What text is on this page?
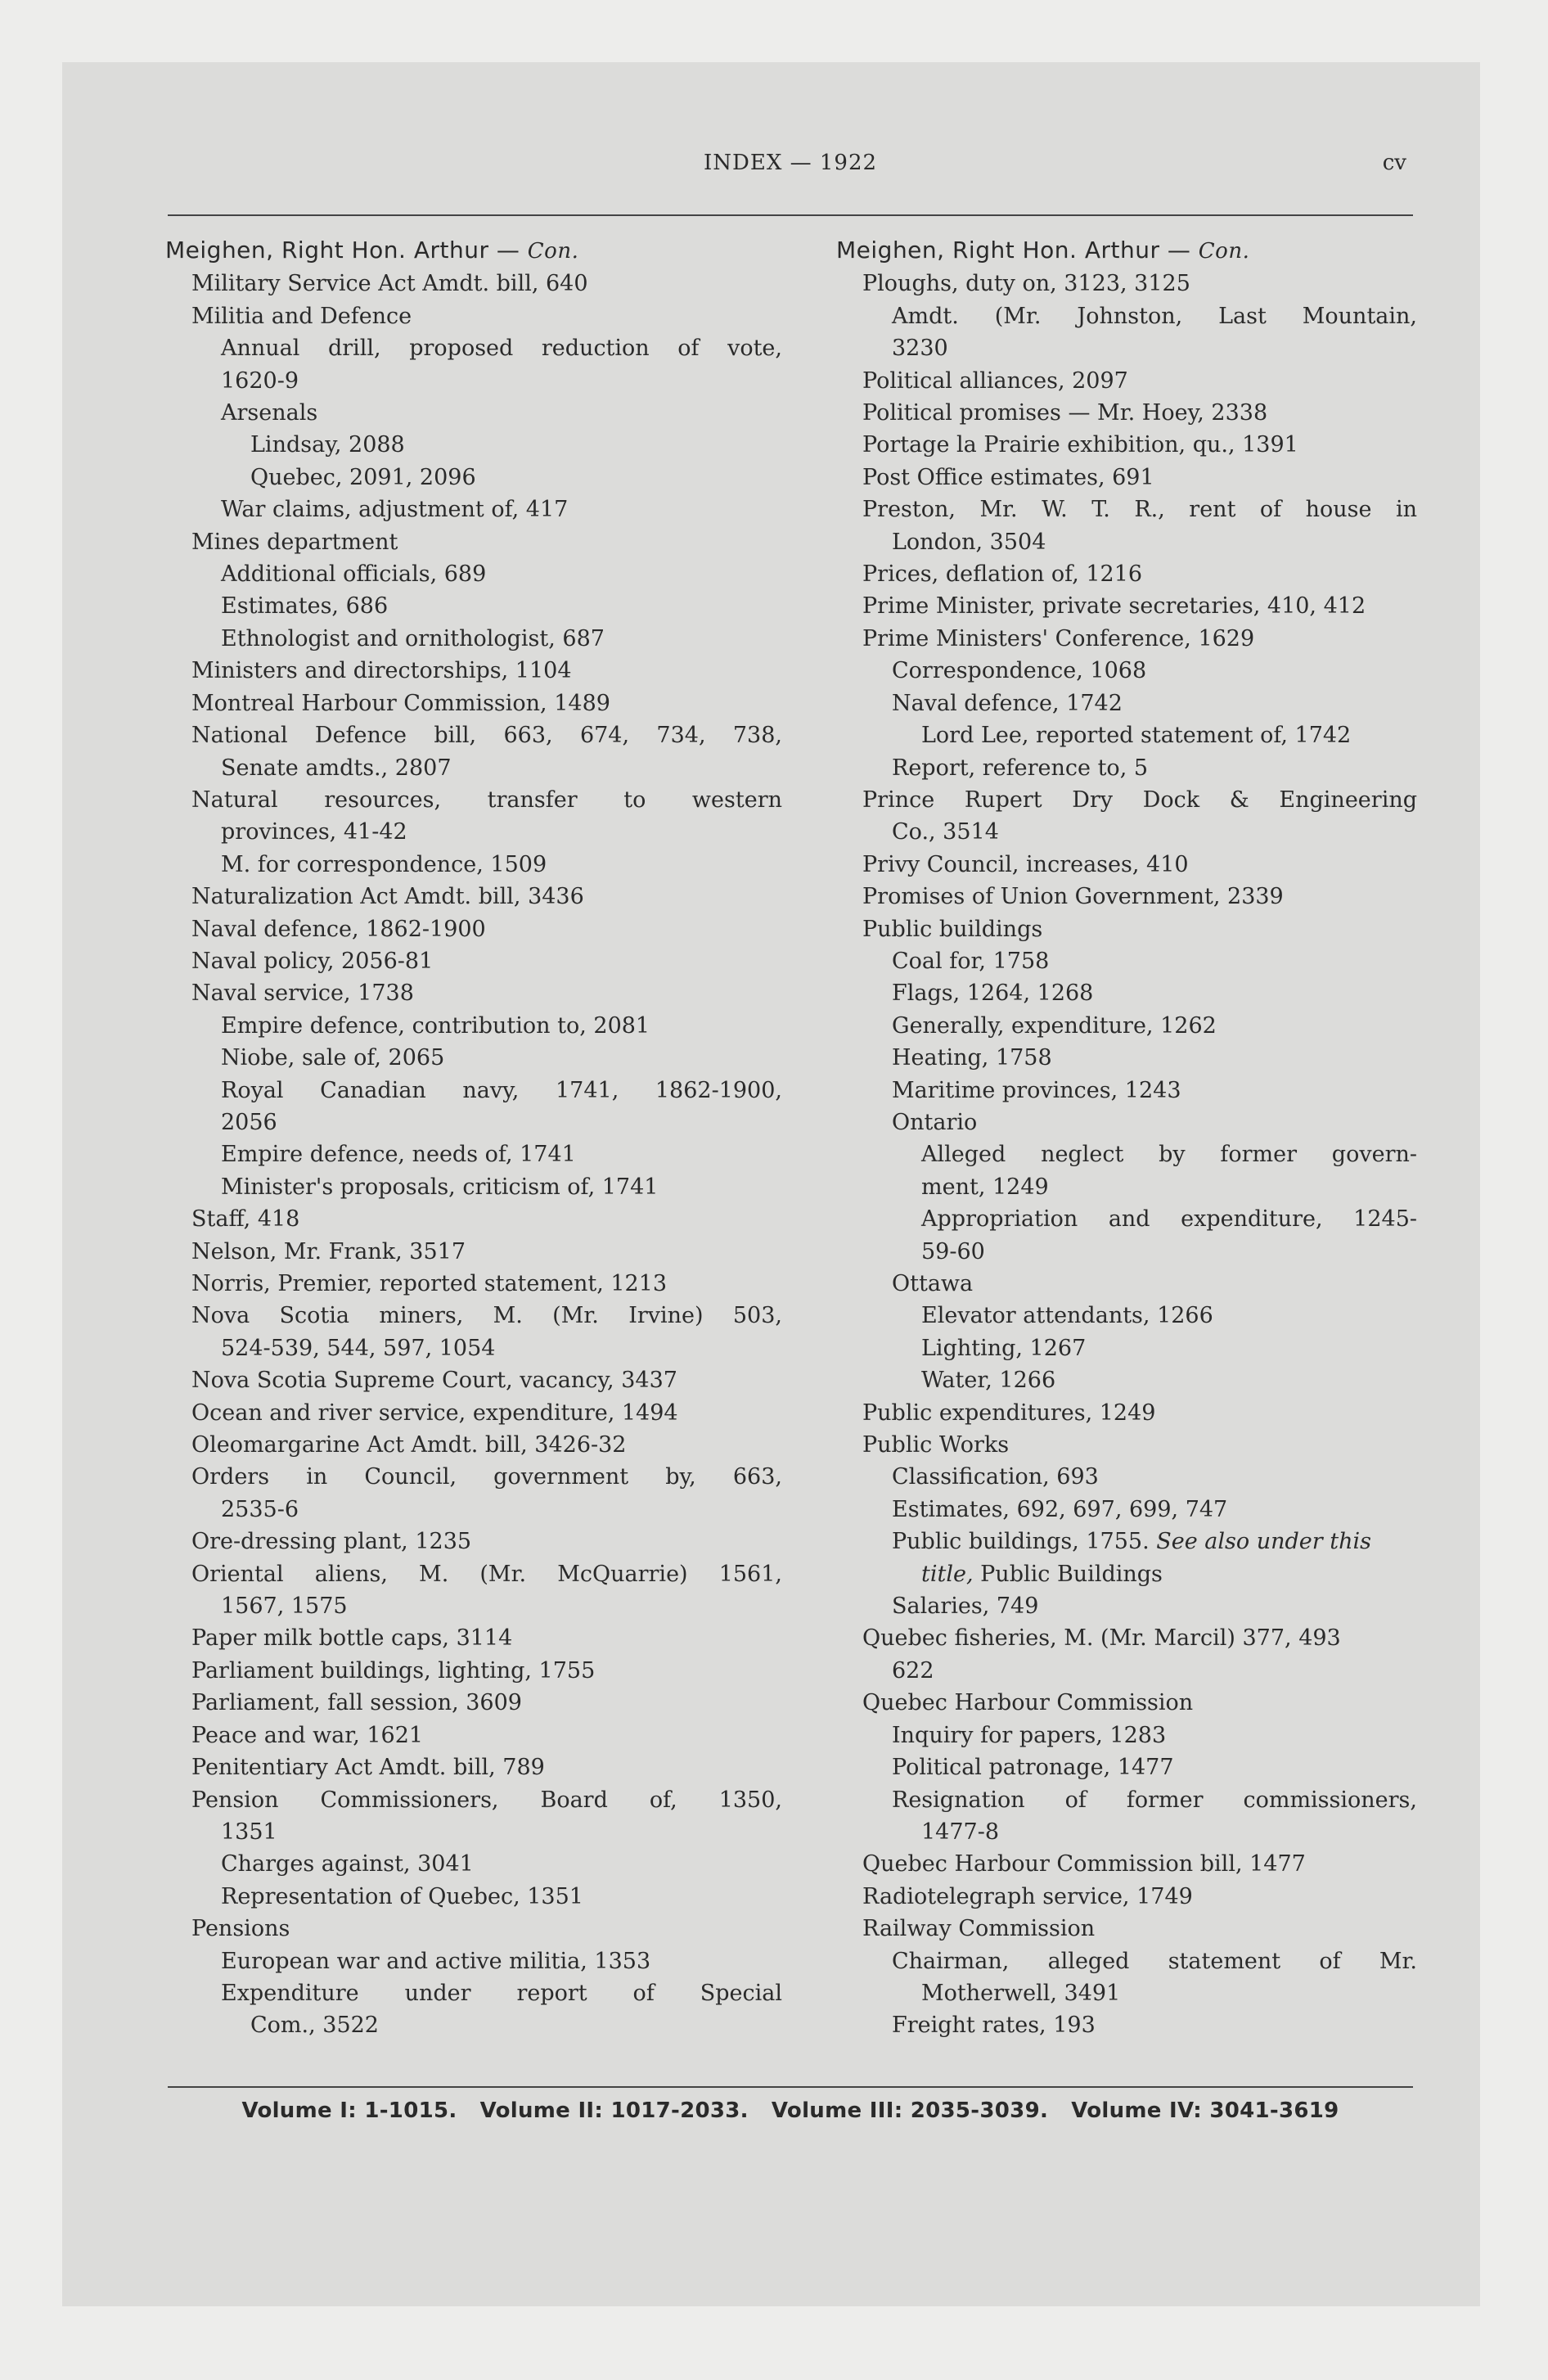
INDEX — 1922	cv
Meighen, Right Hon. Arthur — Con.
Military Service Act Amdt. bill, 640
Militia and Defence
Annual drill, proposed reduction of vote,
1620-9
Arsenals
Lindsay, 2088
Quebec, 2091, 2096
War claims, adjustment of, 417
Mines department
Additional officials, 689
Estimates, 686
Ethnologist and ornithologist, 687
Ministers and directorships, 1104
Montreal Harbour Commission, 1489
National Defence bill, 663, 674, 734, 738,
Senate amdts., 2807
Natural resources, transfer to western
provinces, 41-42
M. for correspondence, 1509
Naturalization Act Amdt. bill, 3436
Naval defence, 1862-1900
Naval policy, 2056-81
Naval service, 1738
Empire defence, contribution to, 2081
Niobe, sale of, 2065
Royal Canadian navy, 1741, 1862-1900,
2056
Empire defence, needs of, 1741
Minister's proposals, criticism of, 1741
Staff, 418
Nelson, Mr. Frank, 3517
Norris, Premier, reported statement, 1213
Nova Scotia miners, M. (Mr. Irvine) 503,
524-539, 544, 597, 1054
Nova Scotia Supreme Court, vacancy, 3437
Ocean and river service, expenditure, 1494
Oleomargarine Act Amdt. bill, 3426-32
Orders in Council, government by, 663,
2535-6
Ore-dressing plant, 1235
Oriental aliens, M. (Mr. McQuarrie) 1561,
1567, 1575
Paper milk bottle caps, 3114
Parliament buildings, lighting, 1755
Parliament, fall session, 3609
Peace and war, 1621
Penitentiary Act Amdt. bill, 789
Pension Commissioners, Board of, 1350,
1351
Charges against, 3041
Representation of Quebec, 1351
Pensions
European war and active militia, 1353
Expenditure under report of Special
Com., 3522
Meighen, Right Hon. Arthur — Con.
Ploughs, duty on, 3123, 3125
Amdt. (Mr. Johnston, Last Mountain,
3230
Political alliances, 2097
Political promises — Mr. Hoey, 2338
Portage la Prairie exhibition, qu., 1391
Post Office estimates, 691
Preston, Mr. W. T. R., rent of house in
London, 3504
Prices, deflation of, 1216
Prime Minister, private secretaries, 410, 412
Prime Ministers' Conference, 1629
Correspondence, 1068
Naval defence, 1742
Lord Lee, reported statement of, 1742
Report, reference to, 5
Prince Rupert Dry Dock & Engineering
Co., 3514
Privy Council, increases, 410
Promises of Union Government, 2339
Public buildings
Coal for, 1758
Flags, 1264, 1268
Generally, expenditure, 1262
Heating, 1758
Maritime provinces, 1243
Ontario
Alleged neglect by former govern-
ment, 1249
Appropriation and expenditure, 1245-
59-60
Ottawa
Elevator attendants, 1266
Lighting, 1267
Water, 1266
Public expenditures, 1249
Public Works
Classification, 693
Estimates, 692, 697, 699, 747
Public buildings, 1755. See also under this
title, Public Buildings
Salaries, 749
Quebec fisheries, M. (Mr. Marcil) 377, 493
622
Quebec Harbour Commission
Inquiry for papers, 1283
Political patronage, 1477
Resignation of former commissioners,
1477-8
Quebec Harbour Commission bill, 1477
Radiotelegraph service, 1749
Railway Commission
Chairman, alleged statement of Mr.
Motherwell, 3491
Freight rates, 193
Volume I: 1-1015.   Volume II: 1017-2033.   Volume III: 2035-3039.   Volume IV: 3041-3619
